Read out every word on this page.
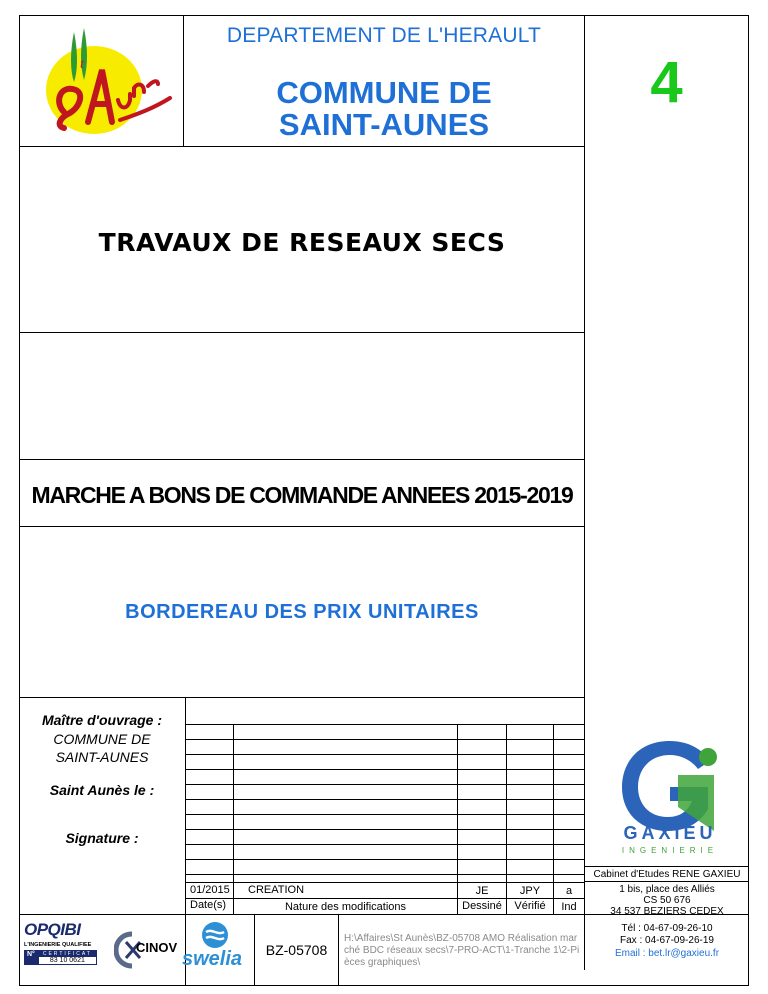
t
DEPARTEMENT DE L'HERAULT
COMMUNE DE
SAINT-AUNES
4
TRAVAUX DE RESEAUX SECS
MARCHE A BONS DE COMMANDE ANNEES 2015-2019
BORDEREAU DES PRIX UNITAIRES
Maître d'ouvrage :
COMMUNE DE
SAINT-AUNES
Saint Aunès le :
Signature :
01/2015	CREATION	JE	JPY	a
Date(s)	Nature des modifications	Dessiné	Vérifié	Ind
GAXIEU
INGENIERIE
Cabinet d'Etudes RENE GAXIEU
1 bis, place des Alliés
CS 50 676
34 537 BEZIERS CEDEX
Tél : 04-67-09-26-10
Fax : 04-67-09-26-19
Email : bet.lr@gaxieu.fr
OPQIBI
L'INGENIERIE QUALIFIEE
N°	CERTIFICAT
83 10 0621
CINOV
swelia	BZ-05708
H:\Affaires\St Aunès\BZ-05708 AMO Réalisation marché BDC réseaux secs\7-PRO-ACT\1-Tranche 1\2-Pièces graphiques\
